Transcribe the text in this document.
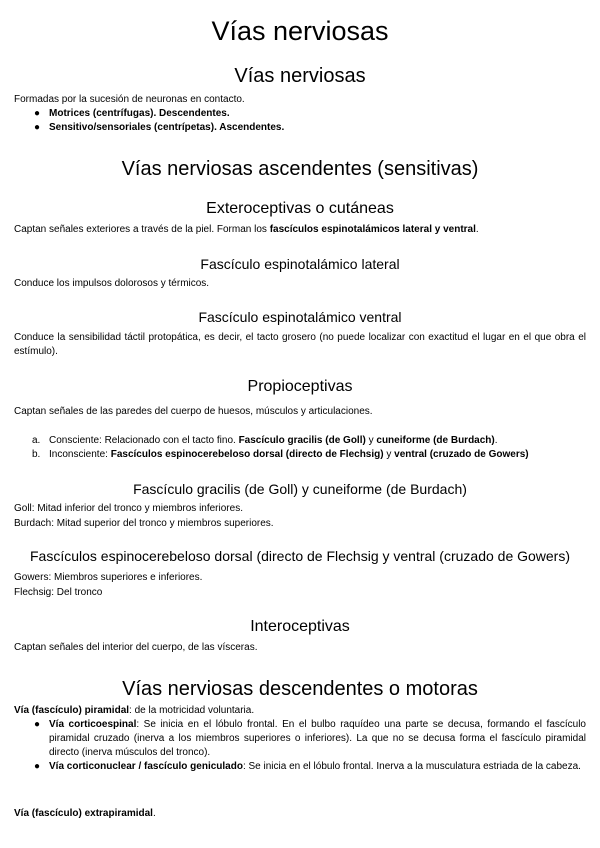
Vías nerviosas
Vías nerviosas

Formadas por la sucesión de neuronas en contacto.

● Motrices (centrífugas). Descendentes.
● Sensitivo/sensoriales (centrípetas). Ascendentes.
Vías nerviosas ascendentes (sensitivas)
Exteroceptivas o cutáneas

Captan señales exteriores a través de la piel. Forman los fascículos espinotalámicos lateral y ventral.

Fascículo espinotalámico lateral

Conduce los impulsos dolorosos y térmicos.

Fascículo espinotalámico ventral

Conduce la sensibilidad táctil protopática, es decir, el tacto grosero (no puede localizar con exactitud el lugar en el que obra el estímulo).

Propioceptivas

Captan señales de las paredes del cuerpo de huesos, músculos y articulaciones.

a. Consciente: Relacionado con el tacto fino. Fascículo gracilis (de Goll) y cuneiforme (de Burdach).
b. Inconsciente: Fascículos espinocerebeloso dorsal (directo de Flechsig) y ventral (cruzado de Gowers)
Fascículo gracilis (de Goll) y cuneiforme (de Burdach)

Goll: Mitad inferior del tronco y miembros inferiores.

Burdach: Mitad superior del tronco y miembros superiores.

Fascículos espinocerebeloso dorsal (directo de Flechsig y ventral (cruzado de Gowers)

Gowers: Miembros superiores e inferiores.

Flechsig: Del tronco

Interoceptivas

Captan señales del interior del cuerpo, de las vísceras.

Vías nerviosas descendentes o motoras

Vía (fascículo) piramidal: de la motricidad voluntaria.

● Vía corticoespinal: Se inicia en el lóbulo frontal. En el bulbo raquídeo una parte se decusa, formando el fascículo piramidal cruzado (inerva a los miembros superiores o inferiores). La que no se decusa forma el fascículo piramidal directo (inerva músculos del tronco).
● Vía corticonuclear / fascículo geniculado: Se inicia en el lóbulo frontal. Inerva a la musculatura estriada de la cabeza.

Vía (fascículo) extrapiramidal.
